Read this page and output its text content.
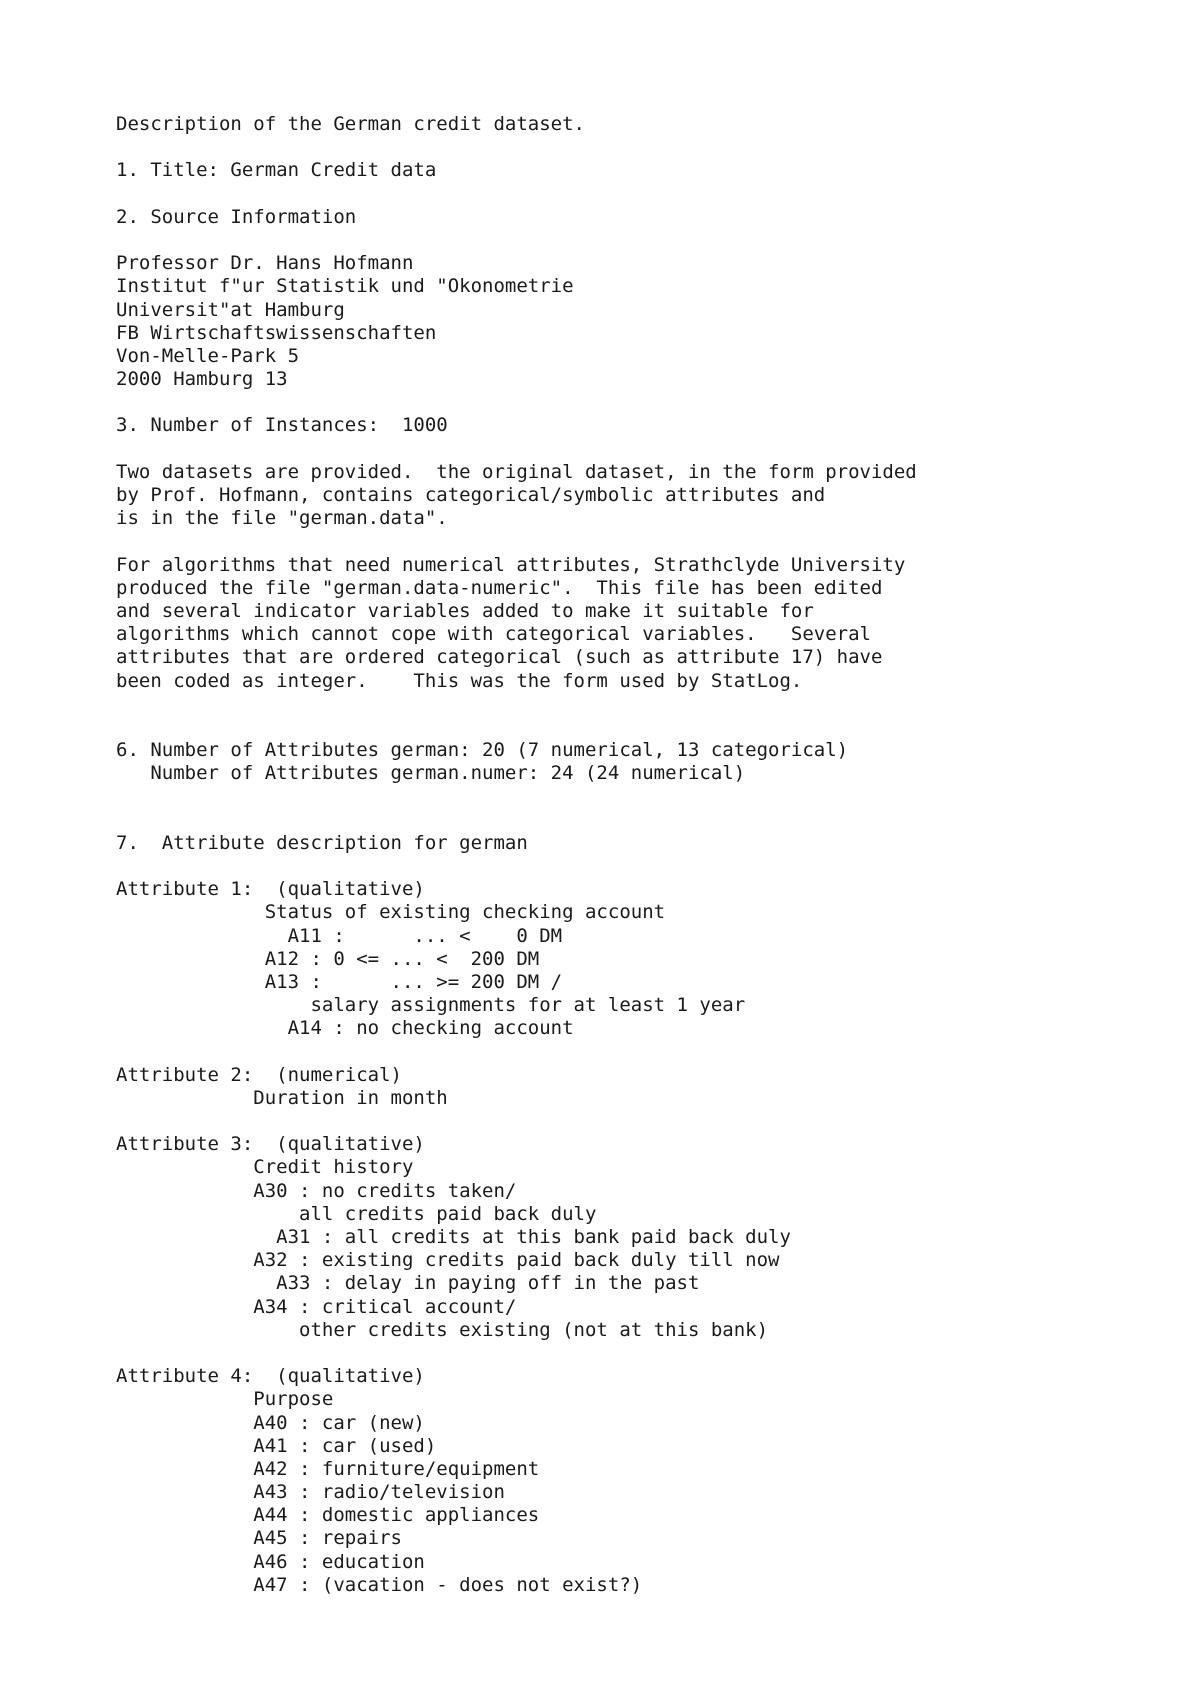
Description of the German credit dataset.
1. Title: German Credit data
2. Source Information
Professor Dr. Hans Hofmann
Institut f"ur Statistik und "Okonometrie
Universit"at Hamburg
FB Wirtschaftswissenschaften
Von-Melle-Park 5
2000 Hamburg 13
3. Number of Instances:  1000
Two datasets are provided.  the original dataset, in the form provided
by Prof. Hofmann, contains categorical/symbolic attributes and
is in the file "german.data".
For algorithms that need numerical attributes, Strathclyde University
produced the file "german.data-numeric".  This file has been edited
and several indicator variables added to make it suitable for
algorithms which cannot cope with categorical variables.   Several
attributes that are ordered categorical (such as attribute 17) have
been coded as integer.    This was the form used by StatLog.
6. Number of Attributes german: 20 (7 numerical, 13 categorical)
Number of Attributes german.numer: 24 (24 numerical)
7.  Attribute description for german
Attribute 1:  (qualitative)
Status of existing checking account
A11 :      ... <    0 DM
A12 : 0 <= ... <  200 DM
A13 :      ... >= 200 DM /
salary assignments for at least 1 year
A14 : no checking account
Attribute 2:  (numerical)
Duration in month
Attribute 3:  (qualitative)
Credit history
A30 : no credits taken/
all credits paid back duly
A31 : all credits at this bank paid back duly
A32 : existing credits paid back duly till now
A33 : delay in paying off in the past
A34 : critical account/
other credits existing (not at this bank)
Attribute 4:  (qualitative)
Purpose
A40 : car (new)
A41 : car (used)
A42 : furniture/equipment
A43 : radio/television
A44 : domestic appliances
A45 : repairs
A46 : education
A47 : (vacation - does not exist?)
